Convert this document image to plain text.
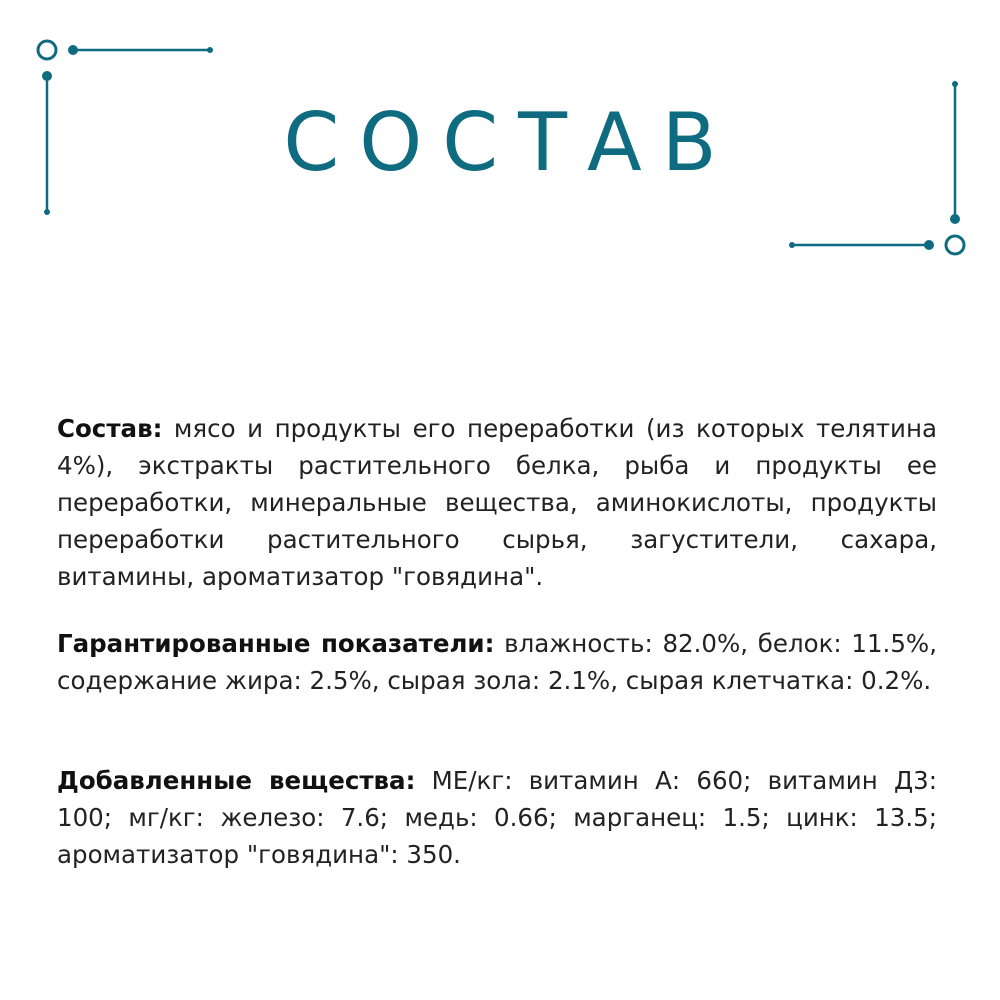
СОСТАВ

Состав: мясо и продукты его переработки (из которых телятина 4%), экстракты растительного белка, рыба и продукты ее переработки, минеральные вещества, аминокислоты, продукты переработки растительного сырья, загустители, сахара, витамины, ароматизатор "говядина".

Гарантированные показатели: влажность: 82.0%, белок: 11.5%, содержание жира: 2.5%, сырая зола: 2.1%, сырая клетчатка: 0.2%.

Добавленные вещества: МЕ/кг: витамин А: 660; витамин Д3: 100; мг/кг: железо: 7.6; медь: 0.66; марганец: 1.5; цинк: 13.5; ароматизатор "говядина": 350.
